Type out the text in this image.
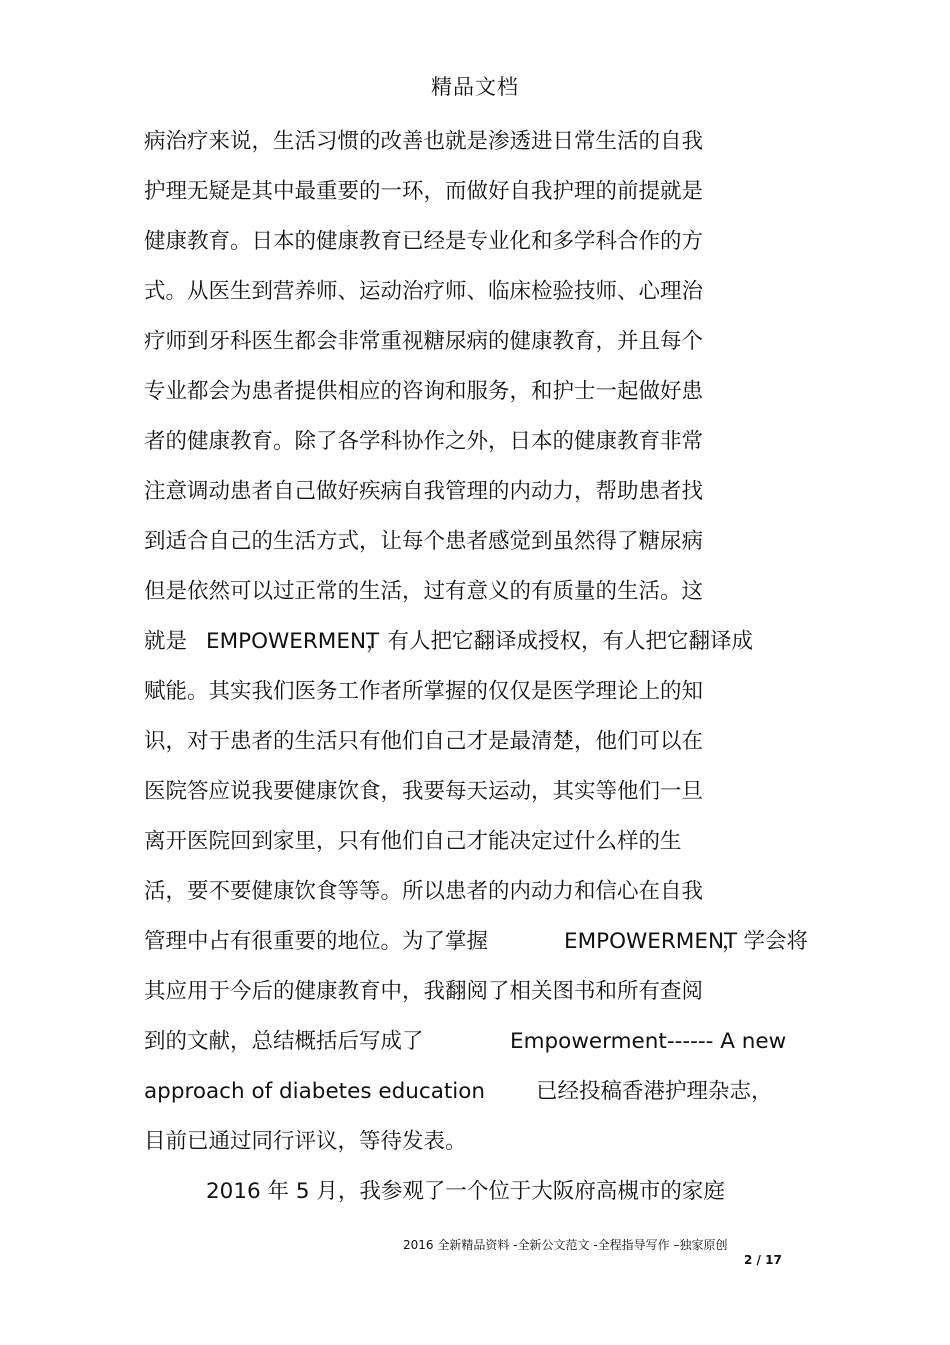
精品文档
病治疗来说，生活习惯的改善也就是渗透进日常生活的自我
护理无疑是其中最重要的一环，而做好自我护理的前提就是
健康教育。日本的健康教育已经是专业化和多学科合作的方
式。从医生到营养师、运动治疗师、临床检验技师、心理治
疗师到牙科医生都会非常重视糖尿病的健康教育，并且每个
专业都会为患者提供相应的咨询和服务，和护士一起做好患
者的健康教育。除了各学科协作之外，日本的健康教育非常
注意调动患者自己做好疾病自我管理的内动力，帮助患者找
到适合自己的生活方式，让每个患者感觉到虽然得了糖尿病
但是依然可以过正常的生活，过有意义的有质量的生活。这
就是 EMPOWERMENT
，有人把它翻译成授权，有人把它翻译成
赋能。其实我们医务工作者所掌握的仅仅是医学理论上的知
识，对于患者的生活只有他们自己才是最清楚，他们可以在
医院答应说我要健康饮食，我要每天运动，其实等他们一旦
离开医院回到家里，只有他们自己才能决定过什么样的生
活，要不要健康饮食等等。所以患者的内动力和信心在自我
管理中占有很重要的地位。为了掌握	EMPOWERMENT
，学会将
其应用于今后的健康教育中，我翻阅了相关图书和所有查阅
到的文献，总结概括后写成了	Empowerment------ A new
approach of diabetes education 已经投稿香港护理杂志，
目前已通过同行评议，等待发表。
2016 年 5 月，我参观了一个位于大阪府高槻市的家庭
2016 全新精品资料 -全新公文范文 -全程指导写作 –独家原创
2 / 17
